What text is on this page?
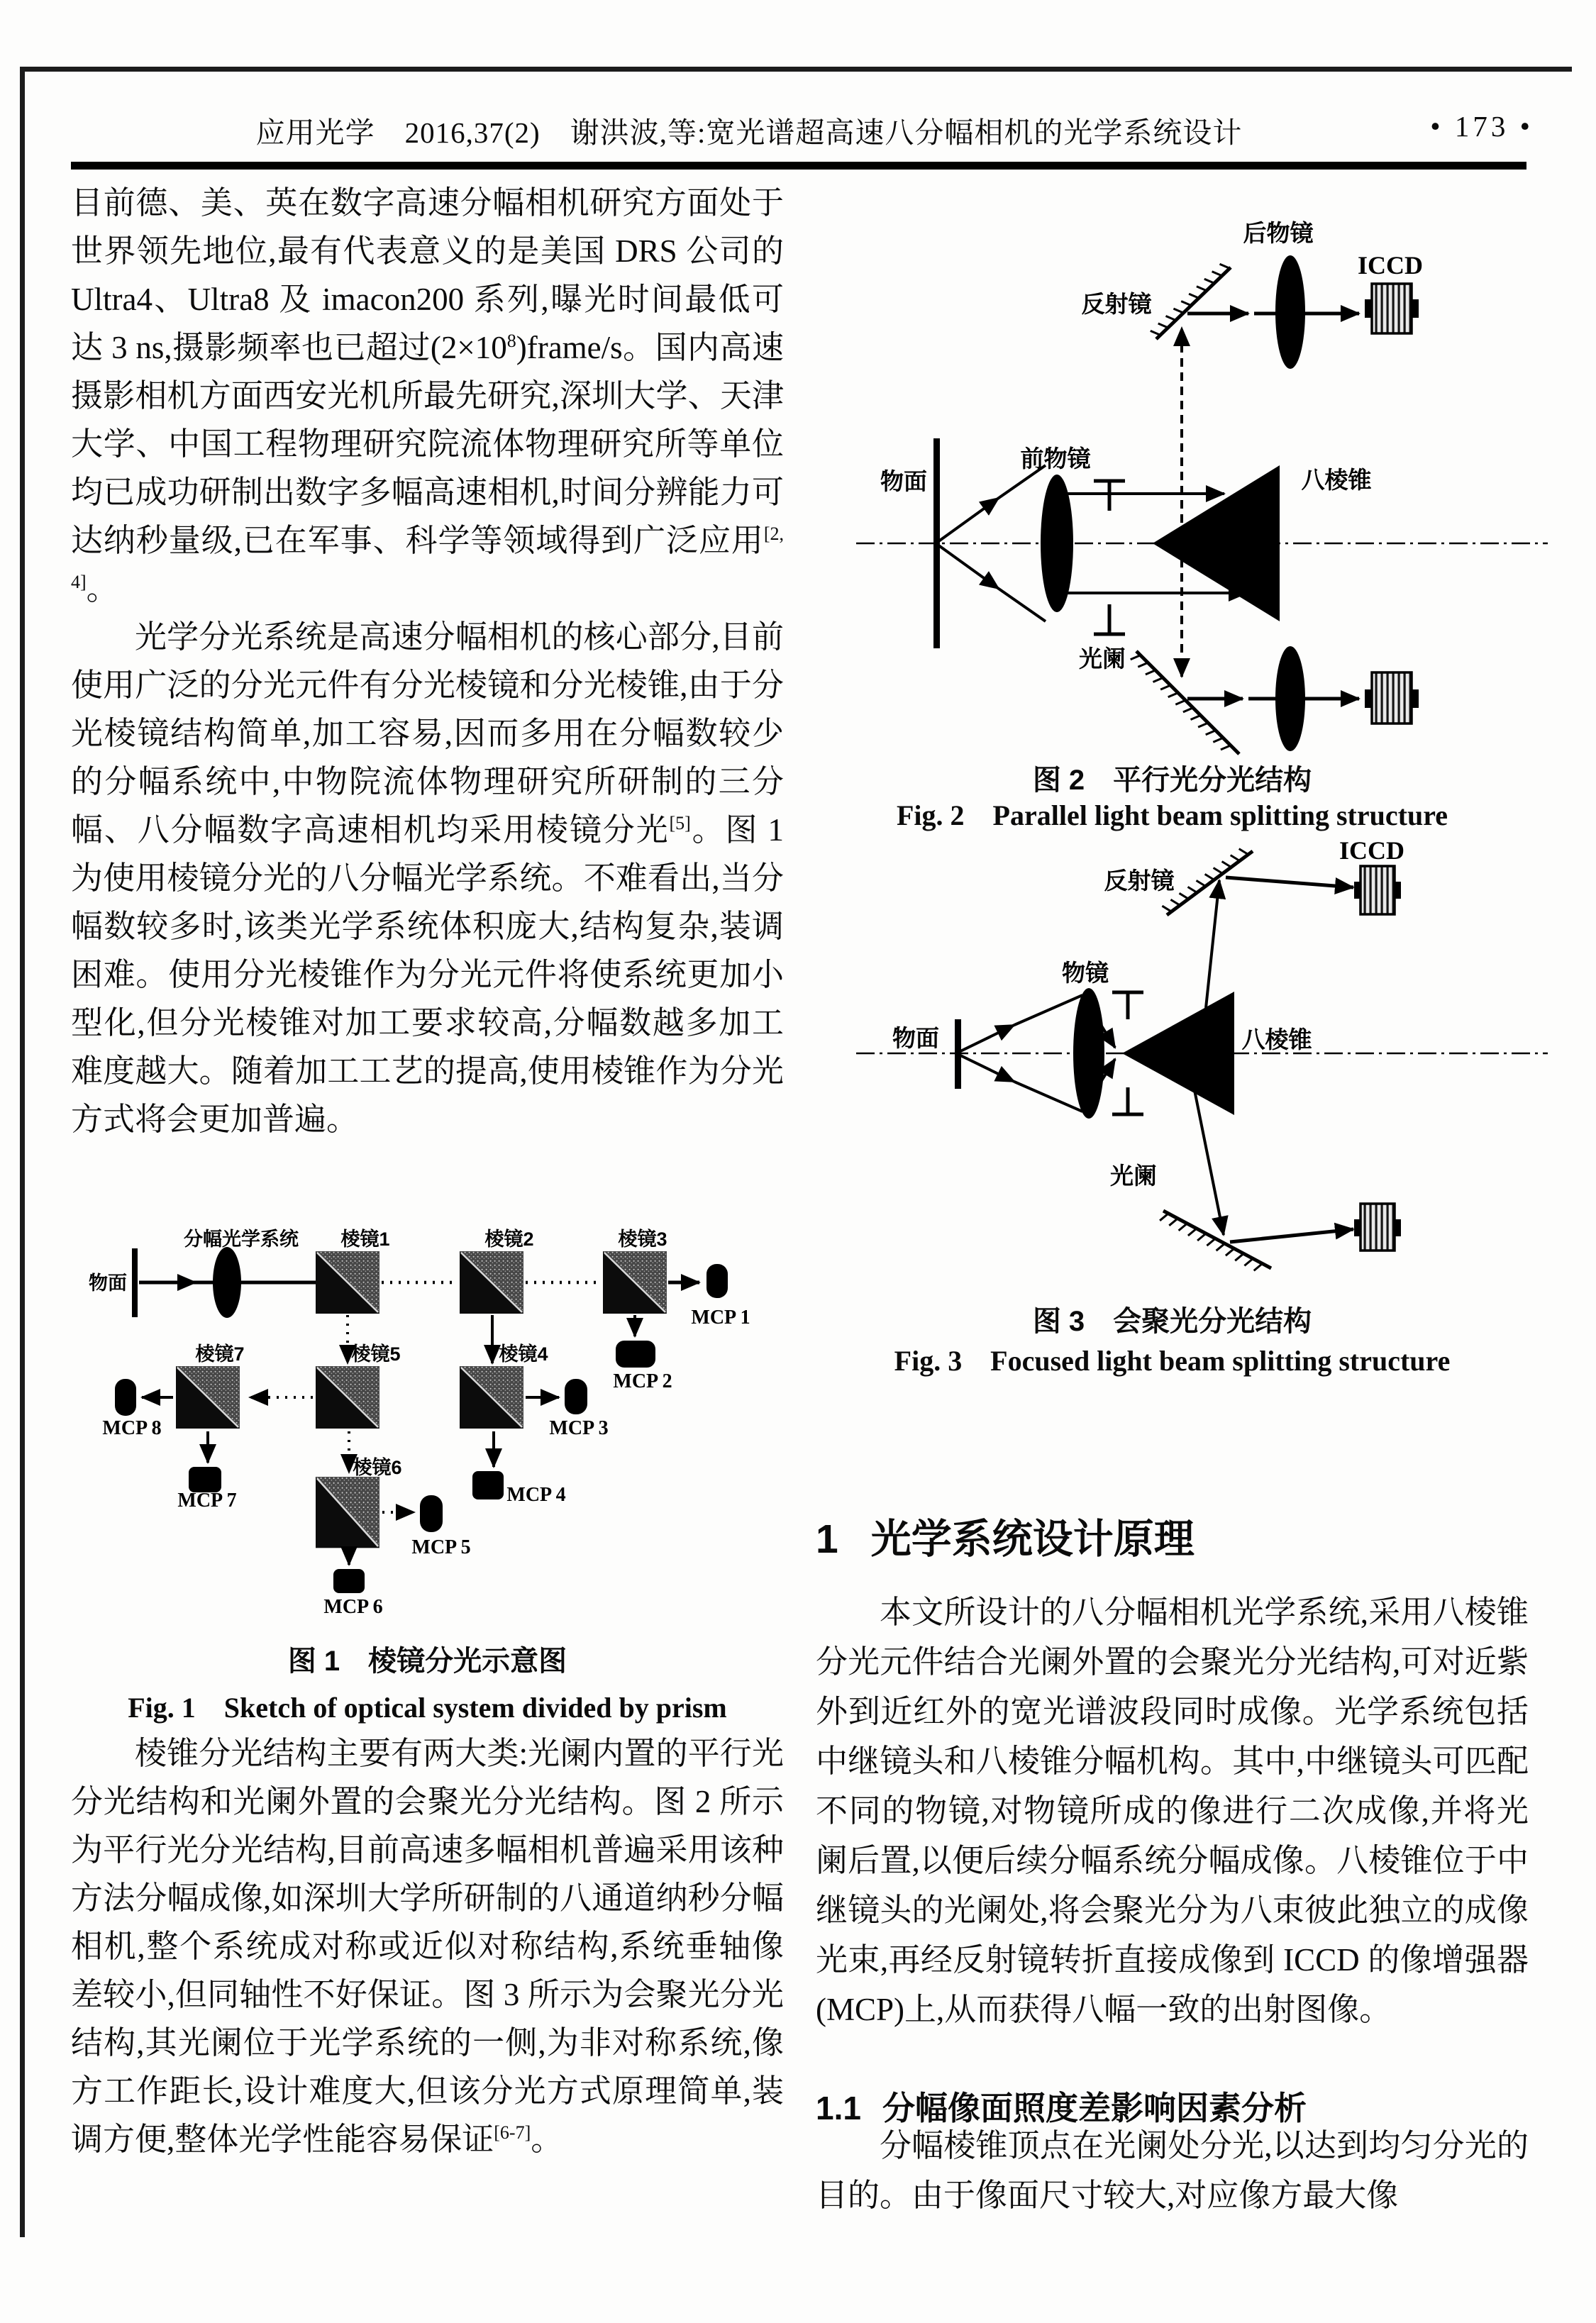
应用光学　2016,37(2)　谢洪波,等:宽光谱超高速八分幅相机的光学系统设计	• 173 •

目前德、美、英在数字高速分幅相机研究方面处于世界领先地位,最有代表意义的是美国 DRS 公司的 Ultra4、Ultra8 及 imacon200 系列,曝光时间最低可达 3 ns,摄影频率也已超过$(2\times 10^8)frame/s$。国内高速摄影相机方面西安光机所最先研究,深圳大学、天津大学、中国工程物理研究院流体物理研究所等单位均已成功研制出数字多幅高速相机,时间分辨能力可达纳秒量级,已在军事、科学等领域得到广泛应用[2,4]。

光学分光系统是高速分幅相机的核心部分,目前使用广泛的分光元件有分光棱镜和分光棱锥,由于分光棱镜结构简单,加工容易,因而多用在分幅数较少的分幅系统中,中物院流体物理研究所研制的三分幅、八分幅数字高速相机均采用棱镜分光[5]。图 1 为使用棱镜分光的八分幅光学系统。不难看出,当分幅数较多时,该类光学系统体积庞大,结构复杂,装调困难。使用分光棱锥作为分光元件将使系统更加小型化,但分光棱锥对加工要求较高,分幅数越多加工难度越大。随着加工工艺的提高,使用棱锥作为分光方式将会更加普遍。

物面
分幅光学系统 棱镜1	棱镜2	棱镜3
棱镜7	棱镜5	棱镜4
棱镜6
MCP 1
MCP 2
MCP 3
MCP 8
MCP 7	MCP 4
MCP 5
MCP 6
图 1　棱镜分光示意图
Fig. 1　Sketch of optical system divided by prism

棱锥分光结构主要有两大类:光阑内置的平行光分光结构和光阑外置的会聚光分光结构。图 2 所示为平行光分光结构,目前高速多幅相机普遍采用该种方法分幅成像,如深圳大学所研制的八通道纳秒分幅相机,整个系统成对称或近似对称结构,系统垂轴像差较小,但同轴性不好保证。图 3 所示为会聚光分光结构,其光阑位于光学系统的一侧,为非对称系统,像方工作距长,设计难度大,但该分光方式原理简单,装调方便,整体光学性能容易保证[6-7]。

后物镜
ICCD
反射镜
前物镜
物面	八棱锥
光阑
图 2　平行光分光结构
Fig. 2　Parallel light beam splitting structure
ICCD
反射镜
物镜
物面	八棱锥
光阑
图 3　会聚光分光结构
Fig. 3　Focused light beam splitting structure
1 光学系统设计原理

本文所设计的八分幅相机光学系统,采用八棱锥分光元件结合光阑外置的会聚光分光结构,可对近紫外到近红外的宽光谱波段同时成像。光学系统包括中继镜头和八棱锥分幅机构。其中,中继镜头可匹配不同的物镜,对物镜所成的像进行二次成像,并将光阑后置,以便后续分幅系统分幅成像。八棱锥位于中继镜头的光阑处,将会聚光分为八束彼此独立的成像光束,再经反射镜转折直接成像到 ICCD 的像增强器(MCP)上,从而获得八幅一致的出射图像。

1.1 分幅像面照度差影响因素分析

分幅棱锥顶点在光阑处分光,以达到均匀分光的目的。由于像面尺寸较大,对应像方最大像
